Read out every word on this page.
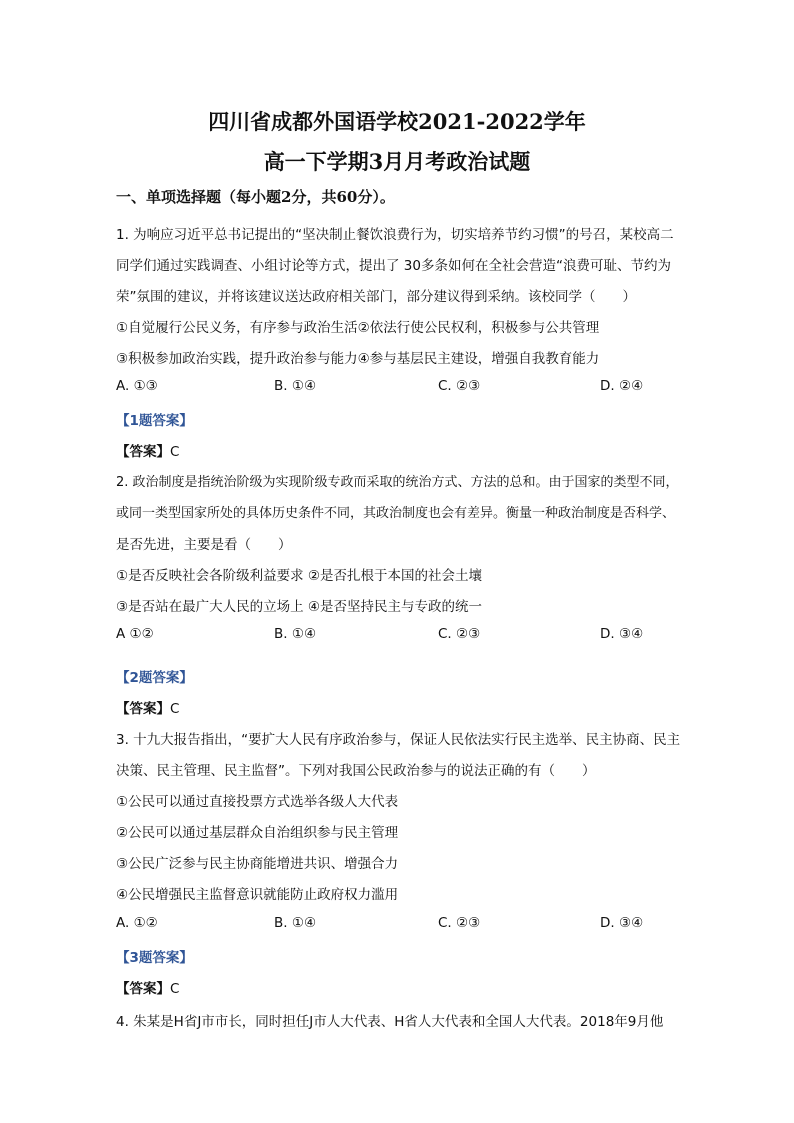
四川省成都外国语学校2021-2022学年
高一下学期3月月考政治试题
一、单项选择题（每小题2分，共60分）。
1. 为响应习近平总书记提出的“坚决制止餐饮浪费行为，切实培养节约习惯”的号召，某校高二
同学们通过实践调查、小组讨论等方式，提出了 30多条如何在全社会营造“浪费可耻、节约为
荣”氛围的建议，并将该建议送达政府相关部门，部分建议得到采纳。该校同学（　　）
①自觉履行公民义务，有序参与政治生活②依法行使公民权利，积极参与公共管理
③积极参加政治实践，提升政治参与能力④参与基层民主建设，增强自我教育能力
A. ①③	B. ①④	C. ②③	D. ②④
【1题答案】
【答案】C
2. 政治制度是指统治阶级为实现阶级专政而采取的统治方式、方法的总和。由于国家的类型不同，
或同一类型国家所处的具体历史条件不同，其政治制度也会有差异。衡量一种政治制度是否科学、
是否先进，主要是看（　　）
①是否反映社会各阶级利益要求 ②是否扎根于本国的社会土壤
③是否站在最广大人民的立场上 ④是否坚持民主与专政的统一
A ①②	B. ①④	C. ②③	D. ③④
【2题答案】
【答案】C
3. 十九大报告指出，“要扩大人民有序政治参与，保证人民依法实行民主选举、民主协商、民主
决策、民主管理、民主监督”。下列对我国公民政治参与的说法正确的有（　　）
①公民可以通过直接投票方式选举各级人大代表
②公民可以通过基层群众自治组织参与民主管理
③公民广泛参与民主协商能增进共识、增强合力
④公民增强民主监督意识就能防止政府权力滥用
A. ①②	B. ①④	C. ②③	D. ③④
【3题答案】
【答案】C
4. 朱某是H省J市市长，同时担任J市人大代表、H省人大代表和全国人大代表。2018年9月他
